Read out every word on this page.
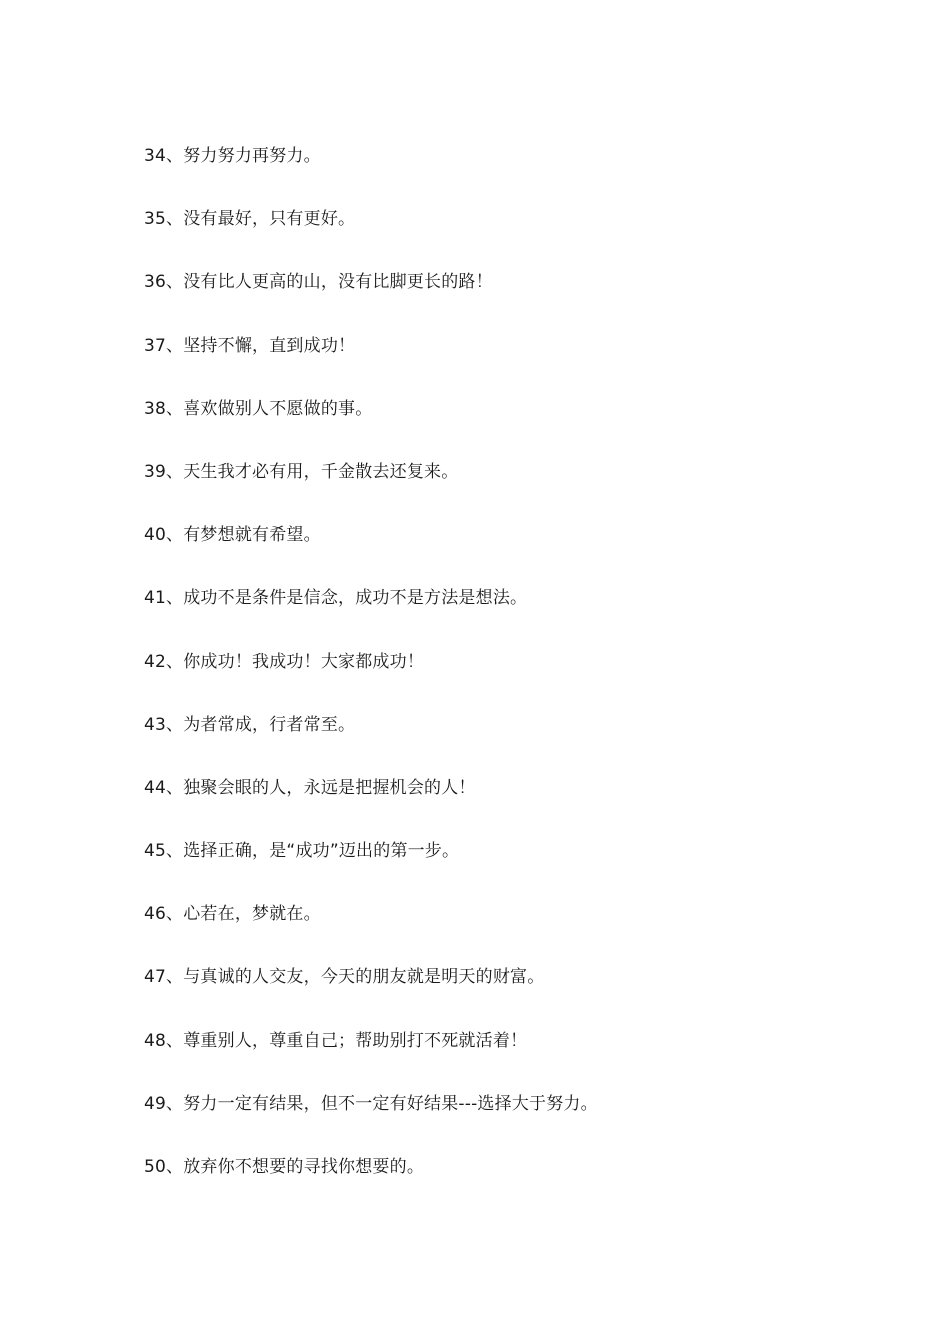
34、努力努力再努力。
35、没有最好，只有更好。
36、没有比人更高的山，没有比脚更长的路！
37、坚持不懈，直到成功！
38、喜欢做别人不愿做的事。
39、天生我才必有用，千金散去还复来。
40、有梦想就有希望。
41、成功不是条件是信念，成功不是方法是想法。
42、你成功！我成功！大家都成功！
43、为者常成，行者常至。
44、独聚会眼的人，永远是把握机会的人！
45、选择正确，是“成功”迈出的第一步。
46、心若在，梦就在。
47、与真诚的人交友，今天的朋友就是明天的财富。
48、尊重别人，尊重自己；帮助别打不死就活着！
49、努力一定有结果，但不一定有好结果---选择大于努力。
50、放弃你不想要的寻找你想要的。
